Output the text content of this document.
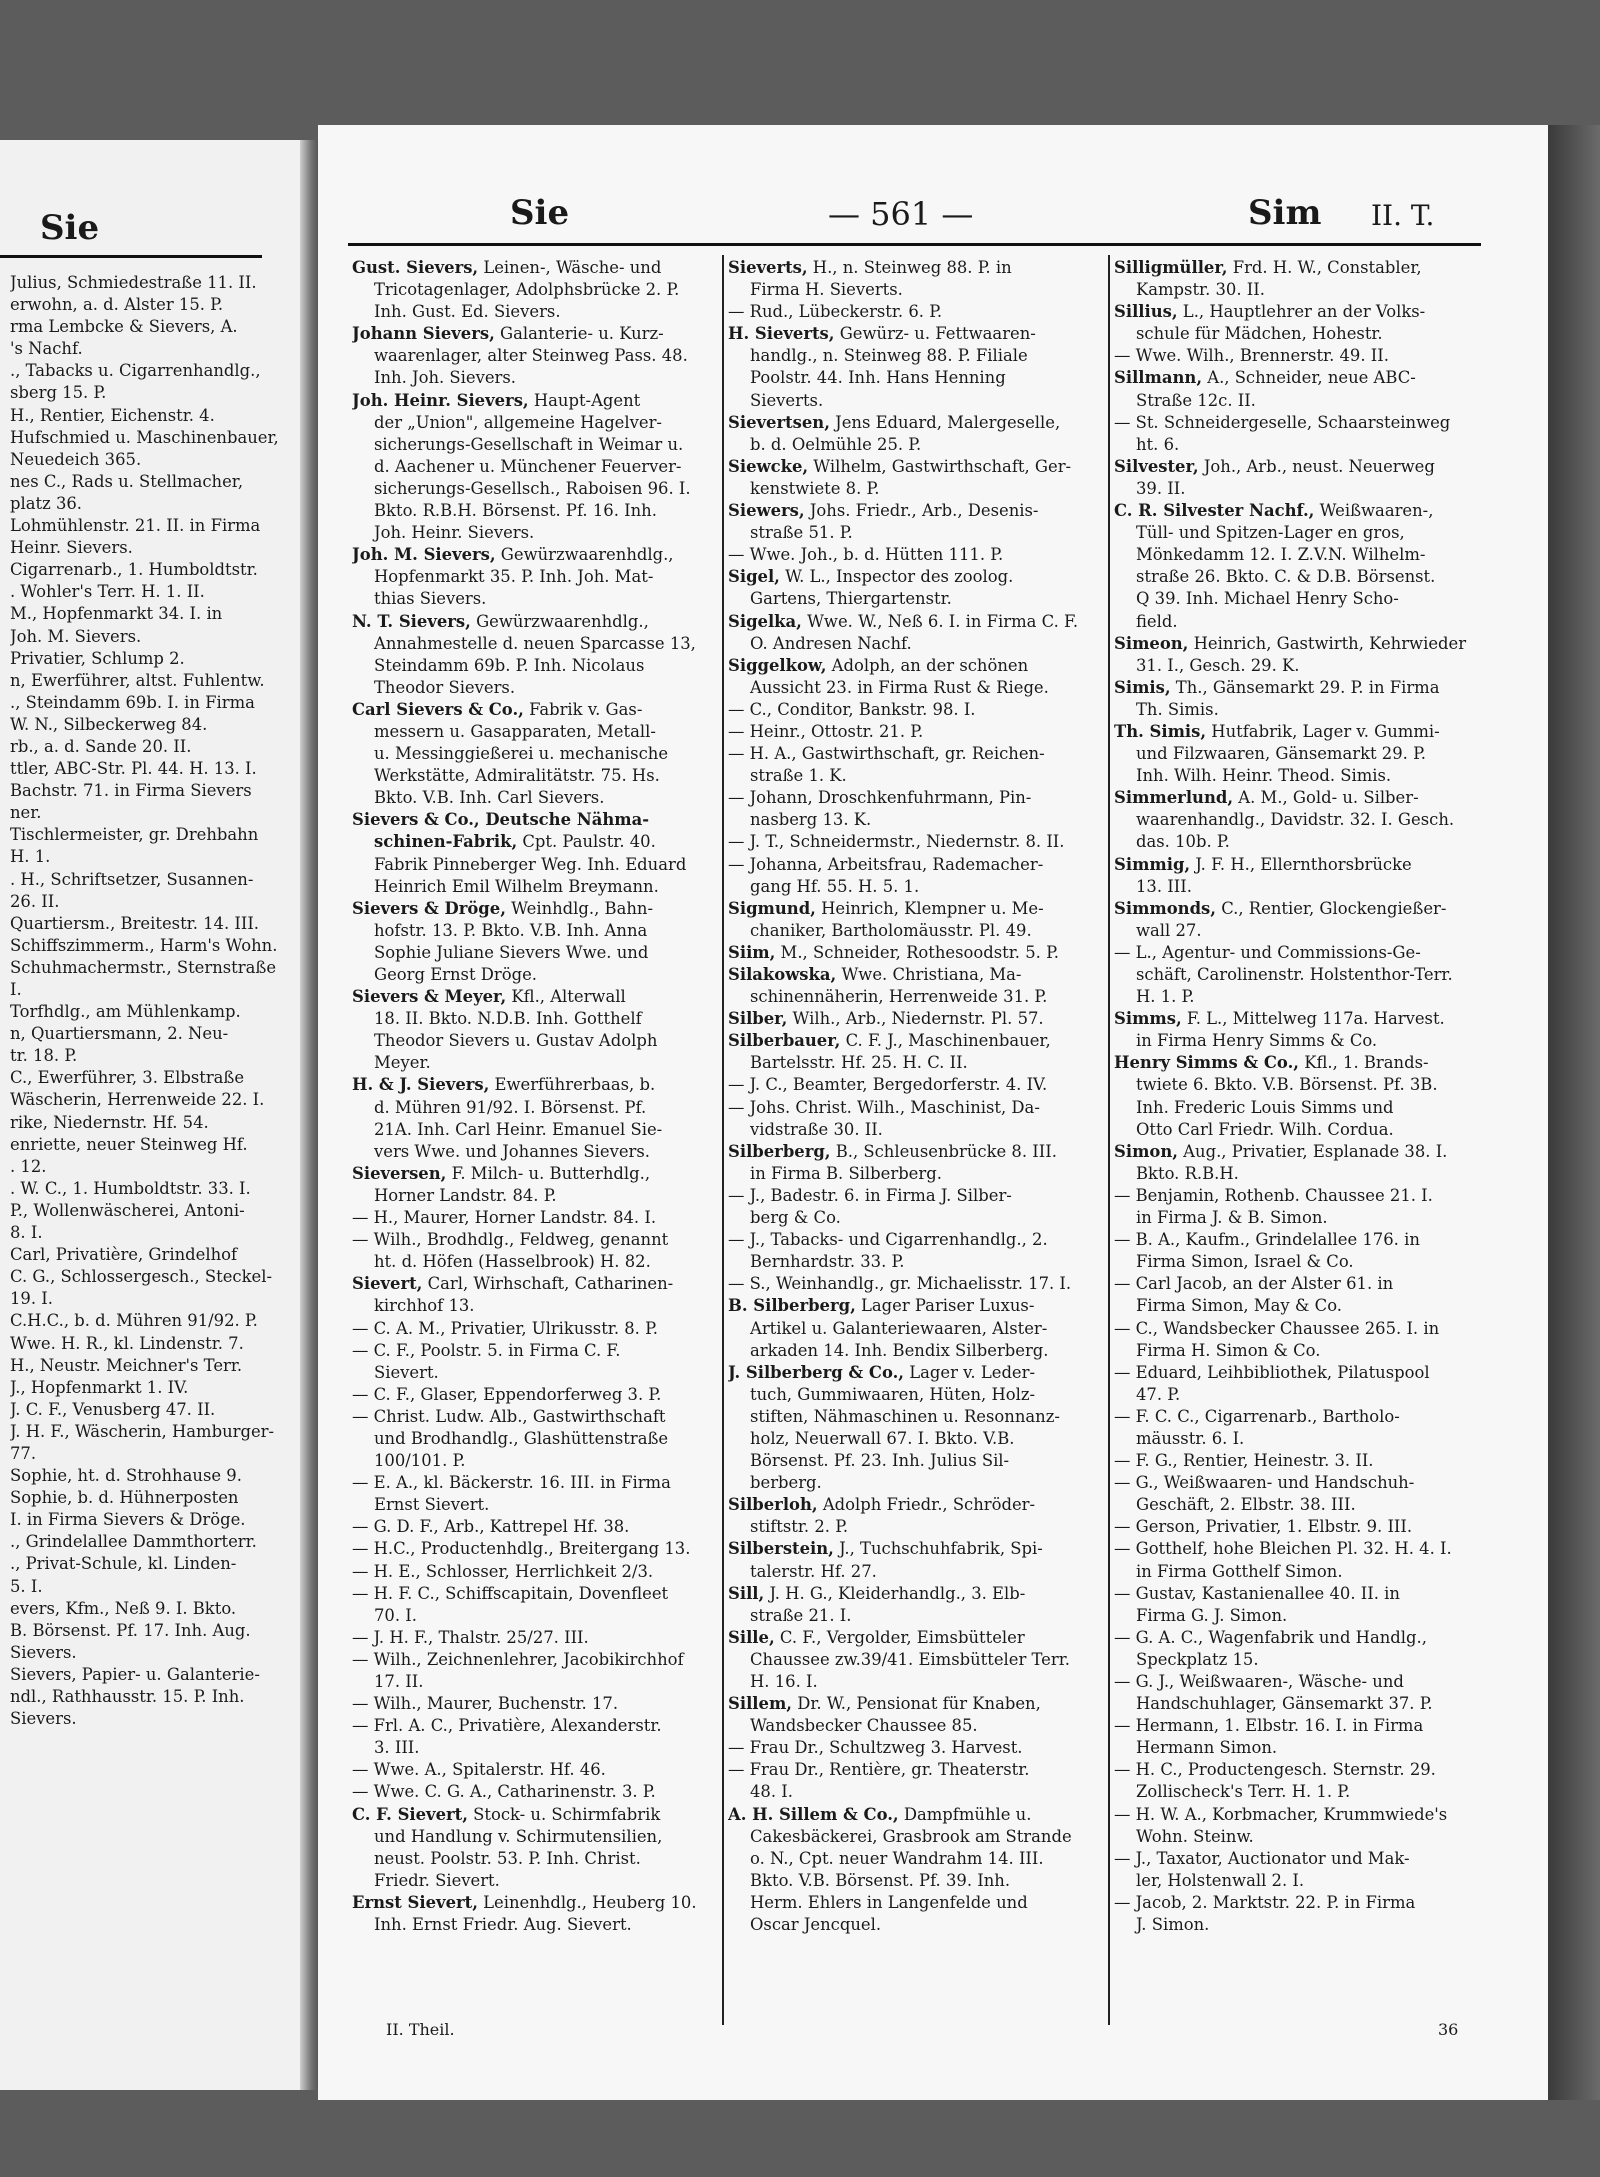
Sie
Julius, Schmiedestraße 11. II.
erwohn, a. d. Alster 15. P.
rma Lembcke & Sievers, A.
's Nachf.
., Tabacks u. Cigarrenhandlg.,
sberg 15. P.
H., Rentier, Eichenstr. 4.
Hufschmied u. Maschinenbauer,
Neuedeich 365.
nes C., Rads u. Stellmacher,
platz 36.
Lohmühlenstr. 21. II. in Firma
Heinr. Sievers.
Cigarrenarb., 1. Humboldtstr.
. Wohler's Terr. H. 1. II.
M., Hopfenmarkt 34. I. in
Joh. M. Sievers.
Privatier, Schlump 2.
n, Ewerführer, altst. Fuhlentw.
., Steindamm 69b. I. in Firma
W. N., Silbeckerweg 84.
rb., a. d. Sande 20. II.
ttler, ABC-Str. Pl. 44. H. 13. I.
Bachstr. 71. in Firma Sievers
ner.
Tischlermeister, gr. Drehbahn
H. 1.
. H., Schriftsetzer, Susannen-
26. II.
Quartiersm., Breitestr. 14. III.
Schiffszimmerm., Harm's Wohn.
Schuhmachermstr., Sternstraße
I.
Torfhdlg., am Mühlenkamp.
n, Quartiersmann, 2. Neu-
tr. 18. P.
C., Ewerführer, 3. Elbstraße
Wäscherin, Herrenweide 22. I.
rike, Niedernstr. Hf. 54.
enriette, neuer Steinweg Hf.
. 12.
. W. C., 1. Humboldtstr. 33. I.
P., Wollenwäscherei, Antoni-
8. I.
Carl, Privatière, Grindelhof
C. G., Schlossergesch., Steckel-
19. I.
C.H.C., b. d. Mühren 91/92. P.
Wwe. H. R., kl. Lindenstr. 7.
H., Neustr. Meichner's Terr.
J., Hopfenmarkt 1. IV.
J. C. F., Venusberg 47. II.
J. H. F., Wäscherin, Hamburger-
77.
Sophie, ht. d. Strohhause 9.
Sophie, b. d. Hühnerposten
I. in Firma Sievers & Dröge.
., Grindelallee Dammthorterr.
., Privat-Schule, kl. Linden-
5. I.
evers, Kfm., Neß 9. I. Bkto.
B. Börsenst. Pf. 17. Inh. Aug.
Sievers.
Sievers, Papier- u. Galanterie-
ndl., Rathhausstr. 15. P. Inh.
Sievers.
Sie	— 561 —	Sim II. T.
Gust. Sievers, Leinen-, Wäsche- und
Tricotagenlager, Adolphsbrücke 2. P.
Inh. Gust. Ed. Sievers.
Johann Sievers, Galanterie- u. Kurz-
waarenlager, alter Steinweg Pass. 48.
Inh. Joh. Sievers.
Joh. Heinr. Sievers, Haupt-Agent
der „Union", allgemeine Hagelver-
sicherungs-Gesellschaft in Weimar u.
d. Aachener u. Münchener Feuerver-
sicherungs-Gesellsch., Raboisen 96. I.
Bkto. R.B.H. Börsenst. Pf. 16. Inh.
Joh. Heinr. Sievers.
Joh. M. Sievers, Gewürzwaarenhdlg.,
Hopfenmarkt 35. P. Inh. Joh. Mat-
thias Sievers.
N. T. Sievers, Gewürzwaarenhdlg.,
Annahmestelle d. neuen Sparcasse 13,
Steindamm 69b. P. Inh. Nicolaus
Theodor Sievers.
Carl Sievers & Co., Fabrik v. Gas-
messern u. Gasapparaten, Metall-
u. Messinggießerei u. mechanische
Werkstätte, Admiralitätstr. 75. Hs.
Bkto. V.B. Inh. Carl Sievers.
Sievers & Co., Deutsche Nähma-
schinen-Fabrik, Cpt. Paulstr. 40.
Fabrik Pinneberger Weg. Inh. Eduard
Heinrich Emil Wilhelm Breymann.
Sievers & Dröge, Weinhdlg., Bahn-
hofstr. 13. P. Bkto. V.B. Inh. Anna
Sophie Juliane Sievers Wwe. und
Georg Ernst Dröge.
Sievers & Meyer, Kfl., Alterwall
18. II. Bkto. N.D.B. Inh. Gotthelf
Theodor Sievers u. Gustav Adolph
Meyer.
H. & J. Sievers, Ewerführerbaas, b.
d. Mühren 91/92. I. Börsenst. Pf.
21A. Inh. Carl Heinr. Emanuel Sie-
vers Wwe. und Johannes Sievers.
Sieversen, F. Milch- u. Butterhdlg.,
Horner Landstr. 84. P.
— H., Maurer, Horner Landstr. 84. I.
— Wilh., Brodhdlg., Feldweg, genannt
ht. d. Höfen (Hasselbrook) H. 82.
Sievert, Carl, Wirhschaft, Catharinen-
kirchhof 13.
— C. A. M., Privatier, Ulrikusstr. 8. P.
— C. F., Poolstr. 5. in Firma C. F.
Sievert.
— C. F., Glaser, Eppendorferweg 3. P.
— Christ. Ludw. Alb., Gastwirthschaft
und Brodhandlg., Glashüttenstraße
100/101. P.
— E. A., kl. Bäckerstr. 16. III. in Firma
Ernst Sievert.
— G. D. F., Arb., Kattrepel Hf. 38.
— H.C., Productenhdlg., Breitergang 13.
— H. E., Schlosser, Herrlichkeit 2/3.
— H. F. C., Schiffscapitain, Dovenfleet
70. I.
— J. H. F., Thalstr. 25/27. III.
— Wilh., Zeichnenlehrer, Jacobikirchhof
17. II.
— Wilh., Maurer, Buchenstr. 17.
— Frl. A. C., Privatière, Alexanderstr.
3. III.
— Wwe. A., Spitalerstr. Hf. 46.
— Wwe. C. G. A., Catharinenstr. 3. P.
C. F. Sievert, Stock- u. Schirmfabrik
und Handlung v. Schirmutensilien,
neust. Poolstr. 53. P. Inh. Christ.
Friedr. Sievert.
Ernst Sievert, Leinenhdlg., Heuberg 10.
Inh. Ernst Friedr. Aug. Sievert.
Sieverts, H., n. Steinweg 88. P. in
Firma H. Sieverts.
— Rud., Lübeckerstr. 6. P.
H. Sieverts, Gewürz- u. Fettwaaren-
handlg., n. Steinweg 88. P. Filiale
Poolstr. 44. Inh. Hans Henning
Sieverts.
Sievertsen, Jens Eduard, Malergeselle,
b. d. Oelmühle 25. P.
Siewcke, Wilhelm, Gastwirthschaft, Ger-
kenstwiete 8. P.
Siewers, Johs. Friedr., Arb., Desenis-
straße 51. P.
— Wwe. Joh., b. d. Hütten 111. P.
Sigel, W. L., Inspector des zoolog.
Gartens, Thiergartenstr.
Sigelka, Wwe. W., Neß 6. I. in Firma C. F.
O. Andresen Nachf.
Siggelkow, Adolph, an der schönen
Aussicht 23. in Firma Rust & Riege.
— C., Conditor, Bankstr. 98. I.
— Heinr., Ottostr. 21. P.
— H. A., Gastwirthschaft, gr. Reichen-
straße 1. K.
— Johann, Droschkenfuhrmann, Pin-
nasberg 13. K.
— J. T., Schneidermstr., Niedernstr. 8. II.
— Johanna, Arbeitsfrau, Rademacher-
gang Hf. 55. H. 5. 1.
Sigmund, Heinrich, Klempner u. Me-
chaniker, Bartholomäusstr. Pl. 49.
Siim, M., Schneider, Rothesoodstr. 5. P.
Silakowska, Wwe. Christiana, Ma-
schinennäherin, Herrenweide 31. P.
Silber, Wilh., Arb., Niedernstr. Pl. 57.
Silberbauer, C. F. J., Maschinenbauer,
Bartelsstr. Hf. 25. H. C. II.
— J. C., Beamter, Bergedorferstr. 4. IV.
— Johs. Christ. Wilh., Maschinist, Da-
vidstraße 30. II.
Silberberg, B., Schleusenbrücke 8. III.
in Firma B. Silberberg.
— J., Badestr. 6. in Firma J. Silber-
berg & Co.
— J., Tabacks- und Cigarrenhandlg., 2.
Bernhardstr. 33. P.
— S., Weinhandlg., gr. Michaelisstr. 17. I.
B. Silberberg, Lager Pariser Luxus-
Artikel u. Galanteriewaaren, Alster-
arkaden 14. Inh. Bendix Silberberg.
J. Silberberg & Co., Lager v. Leder-
tuch, Gummiwaaren, Hüten, Holz-
stiften, Nähmaschinen u. Resonnanz-
holz, Neuerwall 67. I. Bkto. V.B.
Börsenst. Pf. 23. Inh. Julius Sil-
berberg.
Silberloh, Adolph Friedr., Schröder-
stiftstr. 2. P.
Silberstein, J., Tuchschuhfabrik, Spi-
talerstr. Hf. 27.
Sill, J. H. G., Kleiderhandlg., 3. Elb-
straße 21. I.
Sille, C. F., Vergolder, Eimsbütteler
Chaussee zw.39/41. Eimsbütteler Terr.
H. 16. I.
Sillem, Dr. W., Pensionat für Knaben,
Wandsbecker Chaussee 85.
— Frau Dr., Schultzweg 3. Harvest.
— Frau Dr., Rentière, gr. Theaterstr.
48. I.
A. H. Sillem & Co., Dampfmühle u.
Cakesbäckerei, Grasbrook am Strande
o. N., Cpt. neuer Wandrahm 14. III.
Bkto. V.B. Börsenst. Pf. 39. Inh.
Herm. Ehlers in Langenfelde und
Oscar Jencquel.
Silligmüller, Frd. H. W., Constabler,
Kampstr. 30. II.
Sillius, L., Hauptlehrer an der Volks-
schule für Mädchen, Hohestr.
— Wwe. Wilh., Brennerstr. 49. II.
Sillmann, A., Schneider, neue ABC-
Straße 12c. II.
— St. Schneidergeselle, Schaarsteinweg
ht. 6.
Silvester, Joh., Arb., neust. Neuerweg
39. II.
C. R. Silvester Nachf., Weißwaaren-,
Tüll- und Spitzen-Lager en gros,
Mönkedamm 12. I. Z.V.N. Wilhelm-
straße 26. Bkto. C. & D.B. Börsenst.
Q 39. Inh. Michael Henry Scho-
field.
Simeon, Heinrich, Gastwirth, Kehrwieder
31. I., Gesch. 29. K.
Simis, Th., Gänsemarkt 29. P. in Firma
Th. Simis.
Th. Simis, Hutfabrik, Lager v. Gummi-
und Filzwaaren, Gänsemarkt 29. P.
Inh. Wilh. Heinr. Theod. Simis.
Simmerlund, A. M., Gold- u. Silber-
waarenhandlg., Davidstr. 32. I. Gesch.
das. 10b. P.
Simmig, J. F. H., Ellernthorsbrücke
13. III.
Simmonds, C., Rentier, Glockengießer-
wall 27.
— L., Agentur- und Commissions-Ge-
schäft, Carolinenstr. Holstenthor-Terr.
H. 1. P.
Simms, F. L., Mittelweg 117a. Harvest.
in Firma Henry Simms & Co.
Henry Simms & Co., Kfl., 1. Brands-
twiete 6. Bkto. V.B. Börsenst. Pf. 3B.
Inh. Frederic Louis Simms und
Otto Carl Friedr. Wilh. Cordua.
Simon, Aug., Privatier, Esplanade 38. I.
Bkto. R.B.H.
— Benjamin, Rothenb. Chaussee 21. I.
in Firma J. & B. Simon.
— B. A., Kaufm., Grindelallee 176. in
Firma Simon, Israel & Co.
— Carl Jacob, an der Alster 61. in
Firma Simon, May & Co.
— C., Wandsbecker Chaussee 265. I. in
Firma H. Simon & Co.
— Eduard, Leihbibliothek, Pilatuspool
47. P.
— F. C. C., Cigarrenarb., Bartholo-
mäusstr. 6. I.
— F. G., Rentier, Heinestr. 3. II.
— G., Weißwaaren- und Handschuh-
Geschäft, 2. Elbstr. 38. III.
— Gerson, Privatier, 1. Elbstr. 9. III.
— Gotthelf, hohe Bleichen Pl. 32. H. 4. I.
in Firma Gotthelf Simon.
— Gustav, Kastanienallee 40. II. in
Firma G. J. Simon.
— G. A. C., Wagenfabrik und Handlg.,
Speckplatz 15.
— G. J., Weißwaaren-, Wäsche- und
Handschuhlager, Gänsemarkt 37. P.
— Hermann, 1. Elbstr. 16. I. in Firma
Hermann Simon.
— H. C., Productengesch. Sternstr. 29.
Zollischeck's Terr. H. 1. P.
— H. W. A., Korbmacher, Krummwiede's
Wohn. Steinw.
— J., Taxator, Auctionator und Mak-
ler, Holstenwall 2. I.
— Jacob, 2. Marktstr. 22. P. in Firma
J. Simon.
II. Theil.	36
